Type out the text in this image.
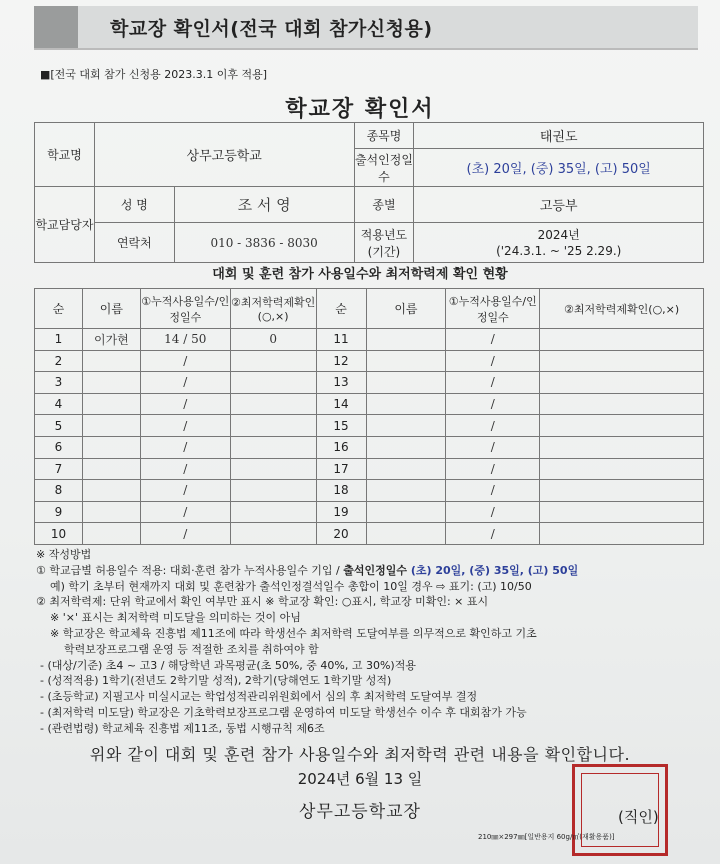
학교장 확인서(전국 대회 참가신청용)
■[전국 대회 참가 신청용 2023.3.1 이후 적용]
학교장 확인서
학교명	상무고등학교		종목명	태권도
			출석인정일수	(초) 20일, (중) 35일, (고) 50일
학교담당자	성 명	조 서 영	종별	고등부
	연락처	010 - 3836 - 8030	적용년도(기간)	2024년
('24.3.1. ~ '25 2.29.)
대회 및 훈련 참가 사용일수와 최저학력제 확인 현황
순	이름	①누적사용일수/인정일수	②최저학력제확인(○,×)	순	이름	①누적사용일수/인정일수	②최저학력제확인(○,×)
1	이가현	14 / 50	0	11		/	
2		/		12		/	
3		/		13		/	
4		/		14		/	
5		/		15		/	
6		/		16		/	
7		/		17		/	
8		/		18		/	
9		/		19		/	
10		/		20		/	
※ 작성방법
① 학교급별 허용일수 적용: 대회·훈련 참가 누적사용일수 기입 / 출석인정일수 (초) 20일, (중) 35일, (고) 50일
예) 학기 초부터 현재까지 대회 및 훈련참가 출석인정결석일수 총합이 10일 경우 ⇨ 표기: (고) 10/50
② 최저학력제: 단위 학교에서 확인 여부만 표시 ※ 학교장 확인: ○표시, 학교장 미확인: × 표시
※ '×' 표시는 최저학력 미도달을 의미하는 것이 아님
※ 학교장은 학교체육 진흥법 제11조에 따라 학생선수 최저학력 도달여부를 의무적으로 확인하고 기초
학력보장프로그램 운영 등 적절한 조치를 취하여야 함
- (대상/기준) 초4 ~ 고3 / 해당학년 과목평균(초 50%, 중 40%, 고 30%)적용
- (성적적용) 1학기(전년도 2학기말 성적), 2학기(당해연도 1학기말 성적)
- (초등학교) 지필고사 미실시교는 학업성적관리위원회에서 심의 후 최저학력 도달여부 결정
- (최저학력 미도달) 학교장은 기초학력보장프로그램 운영하여 미도달 학생선수 이수 후 대회참가 가능
- (관련법령) 학교체육 진흥법 제11조, 동법 시행규칙 제6조
위와 같이 대회 및 훈련 참가 사용일수와 최저학력 관련 내용을 확인합니다.
2024년 6월 13 일
상무고등학교장	(직인)
210㎜×297㎜[일반용지 60g/㎡(재활용품)]
